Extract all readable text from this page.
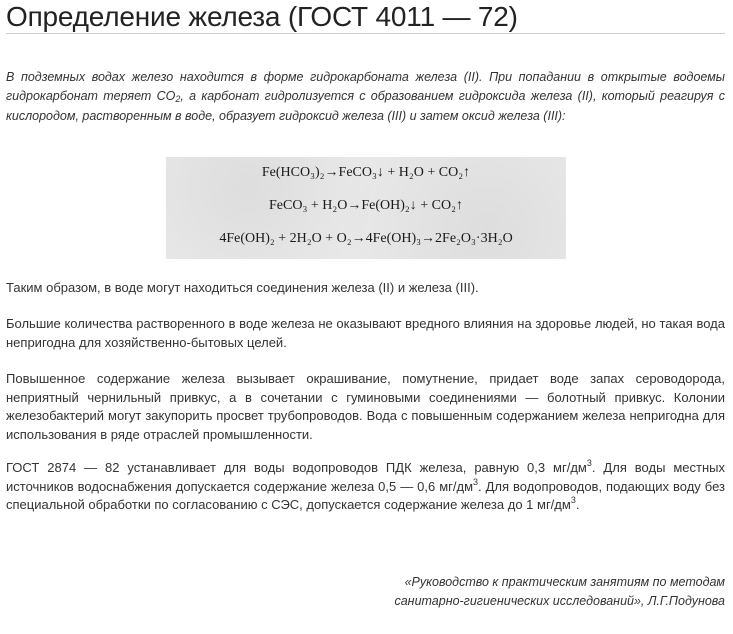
Определение железа (ГОСТ 4011 — 72)

В подземных водах железо находится в форме гидрокарбоната железа (II). При попадании в открытые водоемы гидрокарбонат теряет $CO_2$, а карбонат гидролизуется с образованием гидроксида железа (II), который реагируя с кислородом, растворенным в воде, образует гидроксид железа (III) и затем оксид железа (III):

Fe(HCO₃)₂→FeCO₃↓ + H₂O + CO₂↑
FeCO₃ + H₂O→Fe(OH)₂↓ + CO₂↑
4Fe(OH)₂ + 2H₂O + O₂→4Fe(OH)₃→2Fe₂O₃·3H₂O

Таким образом, в воде могут находиться соединения железа (II) и железа (III).

Большие количества растворенного в воде железа не оказывают вредного влияния на здоровье людей, но такая вода непригодна для хозяйственно-бытовых целей.

Повышенное содержание железа вызывает окрашивание, помутнение, придает воде запах сероводорода, неприятный чернильный привкус, а в сочетании с гуминовыми соединениями — болотный привкус. Колонии железобактерий могут закупорить просвет трубопроводов. Вода с повышенным содержанием железа непригодна для использования в ряде отраслей промышленности.

ГОСТ 2874 — 82 устанавливает для воды водопроводов ПДК железа, равную 0,3 $мг/дм^3$. Для воды местных источников водоснабжения допускается содержание железа 0,5 — 0,6 $мг/дм^3$. Для водопроводов, подающих воду без специальной обработки по согласованию с СЭС, допускается содержание железа до 1 $мг/дм^3$.

«Руководство к практическим занятиям по методам
санитарно-гигиенических исследований», Л.Г.Подунова
